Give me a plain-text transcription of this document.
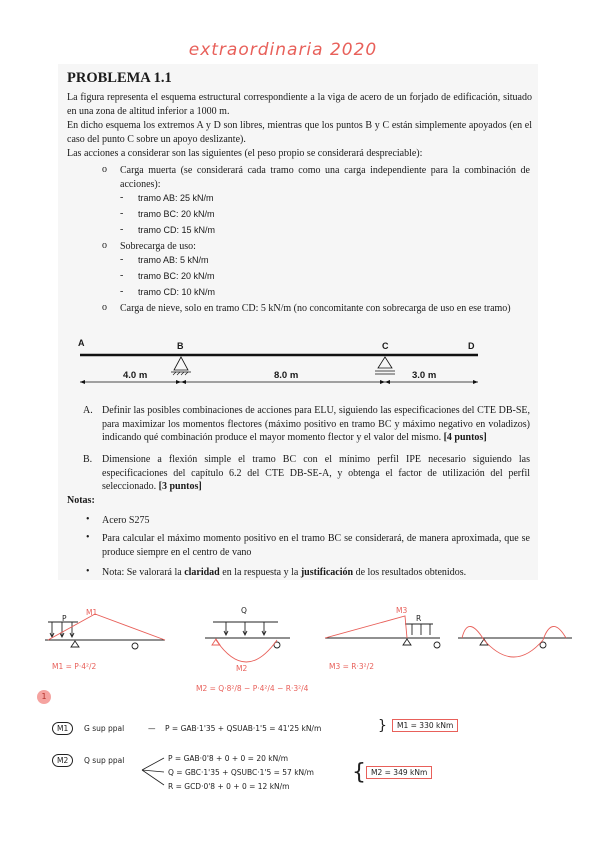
extraordinaria 2020
PROBLEMA 1.1
La figura representa el esquema estructural correspondiente a la viga de acero de un forjado de edificación, situado en una zona de altitud inferior a 1000 m.
En dicho esquema los extremos A y D son libres, mientras que los puntos B y C están simplemente apoyados (en el caso del punto C sobre un apoyo deslizante).
Las acciones a considerar son las siguientes (el peso propio se considerará despreciable):
o Carga muerta (se considerará cada tramo como una carga independiente para la combinación de acciones):
- tramo AB: 25 kN/m
- tramo BC: 20 kN/m
- tramo CD: 15 kN/m
o Sobrecarga de uso:
- tramo AB: 5 kN/m
- tramo BC: 20 kN/m
- tramo CD: 10 kN/m
o Carga de nieve, solo en tramo CD: 5 kN/m (no concomitante con sobrecarga de uso en ese tramo)
A	B	C	D
4.0 m	8.0 m	3.0 m
A. Definir las posibles combinaciones de acciones para ELU, siguiendo las especificaciones del CTE DB-SE, para maximizar los momentos flectores (máximo positivo en tramo BC y máximo negativo en voladizos) indicando qué combinación produce el mayor momento flector y el valor del mismo. [4 puntos]
B. Dimensione a flexión simple el tramo BC con el mínimo perfil IPE necesario siguiendo las especificaciones del capítulo 6.2 del CTE DB-SE-A, y obtenga el factor de utilización del perfil seleccionado. [3 puntos]
Notas:
• Acero S275
• Para calcular el máximo momento positivo en el tramo BC se considerará, de manera aproximada, que se produce siempre en el centro de vano
• Nota: Se valorará la claridad en la respuesta y la justificación de los resultados obtenidos.
P
M1	Q
M2
R
M3
M1 = P·4²/2
M2 = Q·8²/8 − P·4²/4 − R·3²/4
M3 = R·3²/2
1
M1	G sup ppal	— P = GAB·1'35 + QSUAB·1'5 = 41'25 kN/m	}	M1 = 330 kNm
M2	Q sup ppal	P = GAB·0'8 + 0 + 0 = 20 kN/m
Q = GBC·1'35 + QSUBC·1'5 = 57 kN/m
R = GCD·0'8 + 0 + 0 = 12 kN/m
{ M2 = 349 kNm
